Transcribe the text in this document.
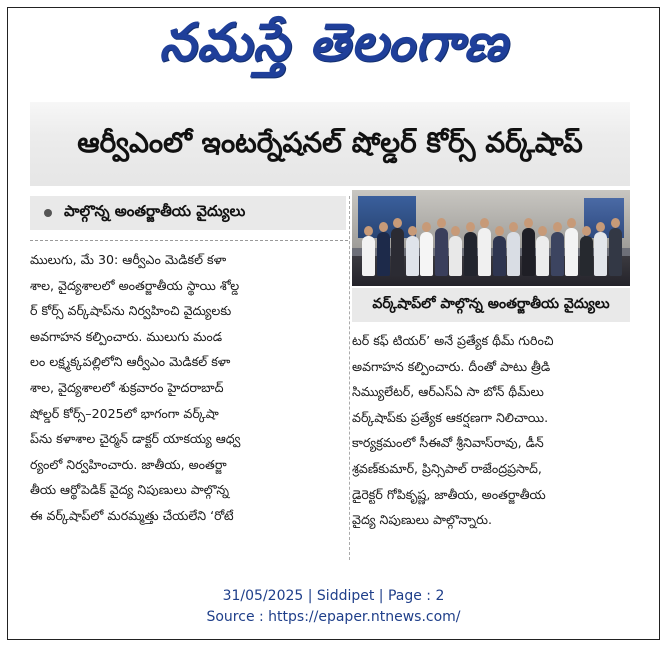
నమస్తే తెలంగాణ
ఆర్వీఎంలో ఇంటర్నేషనల్ షోల్డర్ కోర్స్ వర్క్‌షాప్
పాల్గొన్న అంతర్జాతీయ వైద్యులు
ములుగు, మే 30: ఆర్వీఎం మెడికల్ కళా
శాల, వైద్యశాలలో అంతర్జాతీయ స్థాయి శోల్డ
ర్ కోర్స్ వర్క్‌షాప్‌ను నిర్వహించి వైద్యులకు
అవగాహన కల్పించారు. ములుగు మండ
లం లక్ష్మక్కపల్లిలోని ఆర్వీఎం మెడికల్ కళా
శాల, వైద్యశాలలో శుక్రవారం హైదరాబాద్
షోల్డర్ కోర్స్–2025లో భాగంగా వర్క్‌షా
ప్‌ను కళాశాల చైర్మన్ డాక్టర్ యాకయ్య ఆధ్వ
ర్యంలో నిర్వహించారు. జాతీయ, అంతర్జా
తీయ ఆర్థోపెడిక్ వైద్య నిపుణులు పాల్గొన్న
ఈ వర్క్‌షాప్‌లో మరమ్మత్తు చేయలేని ‘రోటే
వర్క్‌షాప్‌లో పాల్గొన్న అంతర్జాతీయ వైద్యులు
టర్ కఫ్ టియర్’ అనే ప్రత్యేక థీమ్ గురించి
అవగాహన కల్పించారు. దీంతో పాటు త్రీడి
సిమ్యులేటర్, ఆర్ఎస్ఏ సా బోన్ థీమ్‌లు
వర్క్‌షాప్‌కు ప్రత్యేక ఆకర్షణగా నిలిచాయి.
కార్యక్రమంలో సీఈవో శ్రీనివాస్‌రావు, డీన్
శ్రవణ్‌కుమార్, ప్రిన్సిపాల్ రాజేంద్రప్రసాద్,
డైరెక్టర్ గోపికృష్ణ, జాతీయ, అంతర్జాతీయ
వైద్య నిపుణులు పాల్గొన్నారు.
31/05/2025 | Siddipet | Page : 2
Source : https://epaper.ntnews.com/
